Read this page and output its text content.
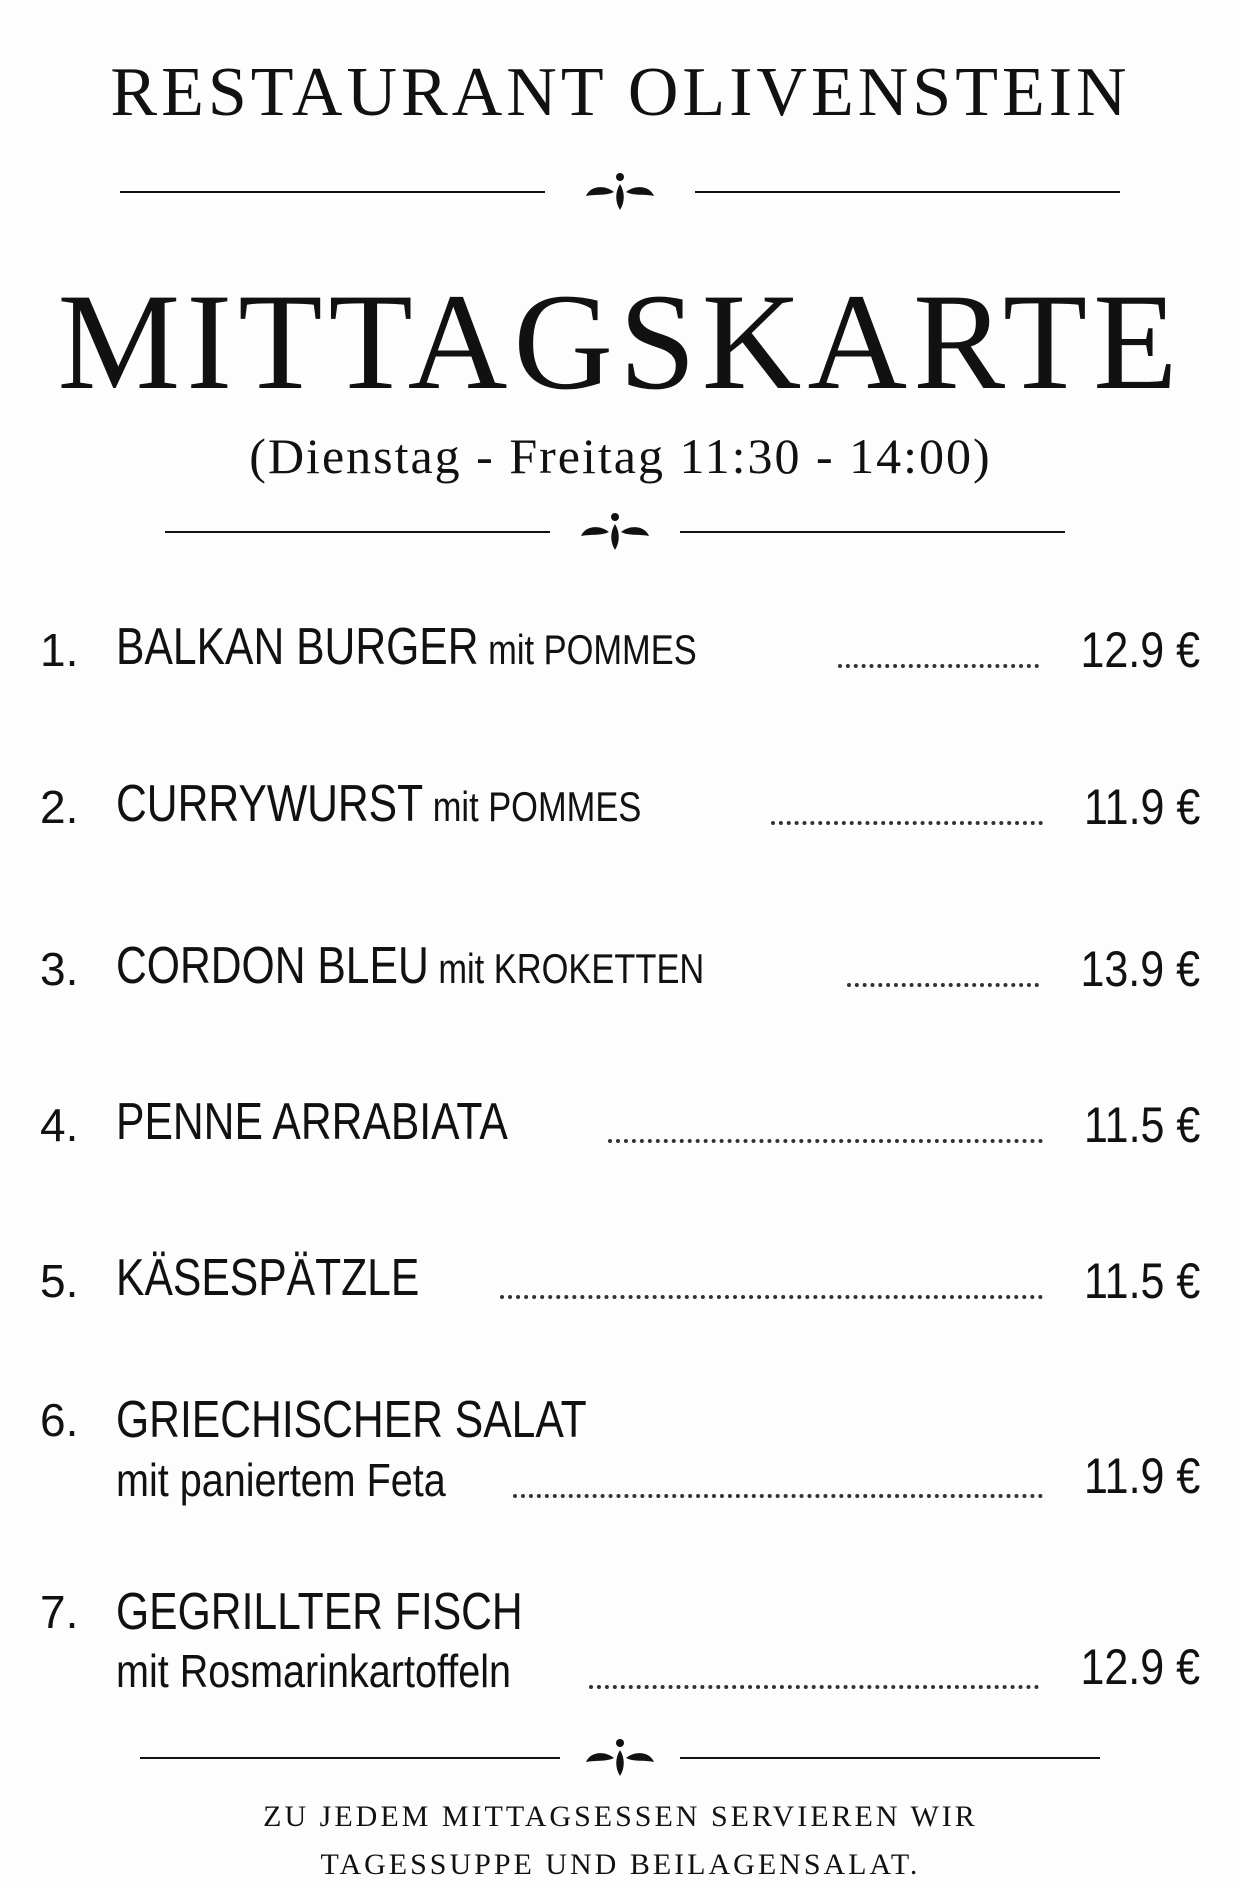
RESTAURANT OLIVENSTEIN
MITTAGSKARTE
(Dienstag - Freitag 11:30 - 14:00)
1. BALKAN BURGER mit POMMES	12.9 €
2. CURRYWURST mit POMMES	11.9 €
3. CORDON BLEU mit KROKETTEN	13.9 €
4. PENNE ARRABIATA	11.5 €
5. KÄSESPÄTZLE	11.5 €
6. GRIECHISCHER SALAT
mit paniertem Feta	11.9 €
7. GEGRILLTER FISCH
mit Rosmarinkartoffeln	12.9 €
ZU JEDEM MITTAGSESSEN SERVIEREN WIR
TAGESSUPPE UND BEILAGENSALAT.
